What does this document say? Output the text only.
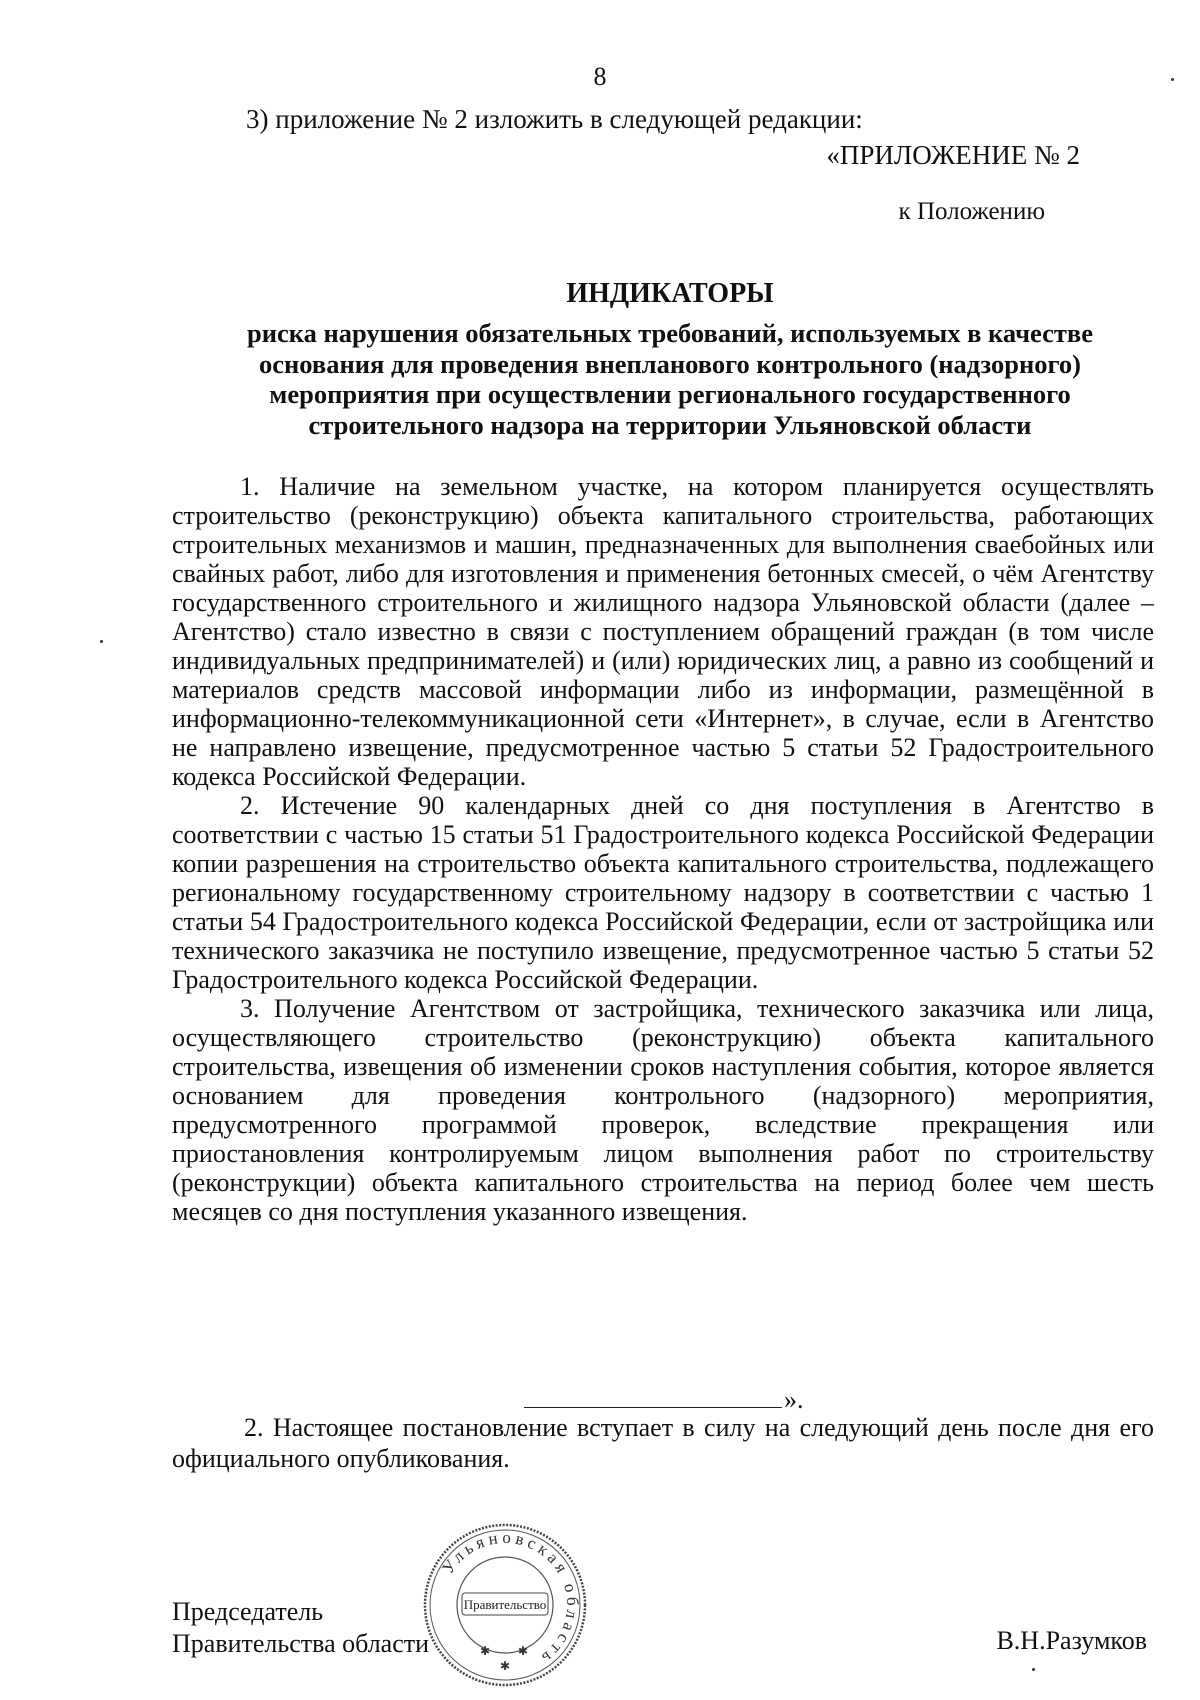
8
3) приложение № 2 изложить в следующей редакции:
«ПРИЛОЖЕНИЕ № 2
к Положению
ИНДИКАТОРЫ
риска нарушения обязательных требований, используемых в качестве
основания для проведения внепланового контрольного (надзорного)
мероприятия при осуществлении регионального государственного
строительного надзора на территории Ульяновской области

1. Наличие на земельном участке, на котором планируется осуществлять строительство (реконструкцию) объекта капитального строительства, работающих строительных механизмов и машин, предназначенных для выполнения сваебойных или свайных работ, либо для изготовления и применения бетонных смесей, о чём Агентству государственного строительного и жилищного надзора Ульяновской области (далее – Агентство) стало известно в связи с поступлением обращений граждан (в том числе индивидуальных предпринимателей) и (или) юридических лиц, а равно из сообщений и материалов средств массовой информации либо из информации, размещённой в информационно-телекоммуникационной сети «Интернет», в случае, если в Агентство не направлено извещение, предусмотренное частью 5 статьи 52 Градостроительного кодекса Российской Федерации.

2. Истечение 90 календарных дней со дня поступления в Агентство в соответствии с частью 15 статьи 51 Градостроительного кодекса Российской Федерации копии разрешения на строительство объекта капитального строительства, подлежащего региональному государственному строительному надзору в соответствии с частью 1 статьи 54 Градостроительного кодекса Российской Федерации, если от застройщика или технического заказчика не поступило извещение, предусмотренное частью 5 статьи 52 Градостроительного кодекса Российской Федерации.

3. Получение Агентством от застройщика, технического заказчика или лица, осуществляющего строительство (реконструкцию) объекта капитального строительства, извещения об изменении сроков наступления события, которое является основанием для проведения контрольного (надзорного) мероприятия, предусмотренного программой проверок, вследствие прекращения или приостановления контролируемым лицом выполнения работ по строительству (реконструкции) объекта капитального строительства на период более чем шесть месяцев со дня поступления указанного извещения.

».

2. Настоящее постановление вступает в силу на следующий день после дня его официального опубликования.

Председатель
Правительства области	В.Н.Разумков
Ульяновская область
Правительство
✱ ✱
✱
